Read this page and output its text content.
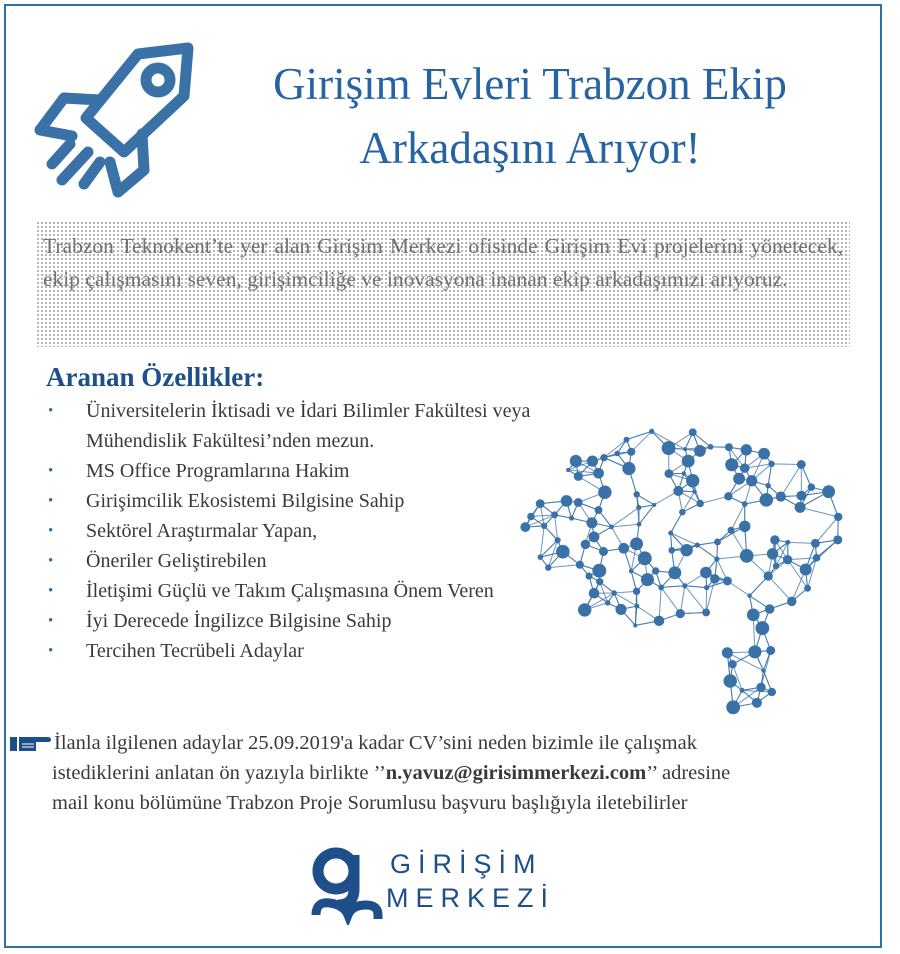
Girişim Evleri Trabzon Ekip
Arkadaşını Arıyor!
Trabzon Teknokent’te yer alan Girişim Merkezi ofisinde Girişim Evi projelerini yönetecek, ekip çalışmasını seven, girişimciliğe ve inovasyona inanan ekip arkadaşımızı arıyoruz.
Aranan Özellikler:
• Üniversitelerin İktisadi ve İdari Bilimler Fakültesi veya Mühendislik Fakültesi’nden mezun.
• MS Office Programlarına Hakim
• Girişimcilik Ekosistemi Bilgisine Sahip
• Sektörel Araştırmalar Yapan,
• Öneriler Geliştirebilen
• İletişimi Güçlü ve Takım Çalışmasına Önem Veren
• İyi Derecede İngilizce Bilgisine Sahip
• Tercihen Tecrübeli Adaylar
İlanla ilgilenen adaylar 25.09.2019'a kadar CV’sini neden bizimle ile çalışmak
istediklerini anlatan ön yazıyla birlikte ’’n.yavuz@girisimmerkezi.com’’ adresine
mail konu bölümüne Trabzon Proje Sorumlusu başvuru başlığıyla iletebilirler
GİRİŞİM
MERKEZİ
